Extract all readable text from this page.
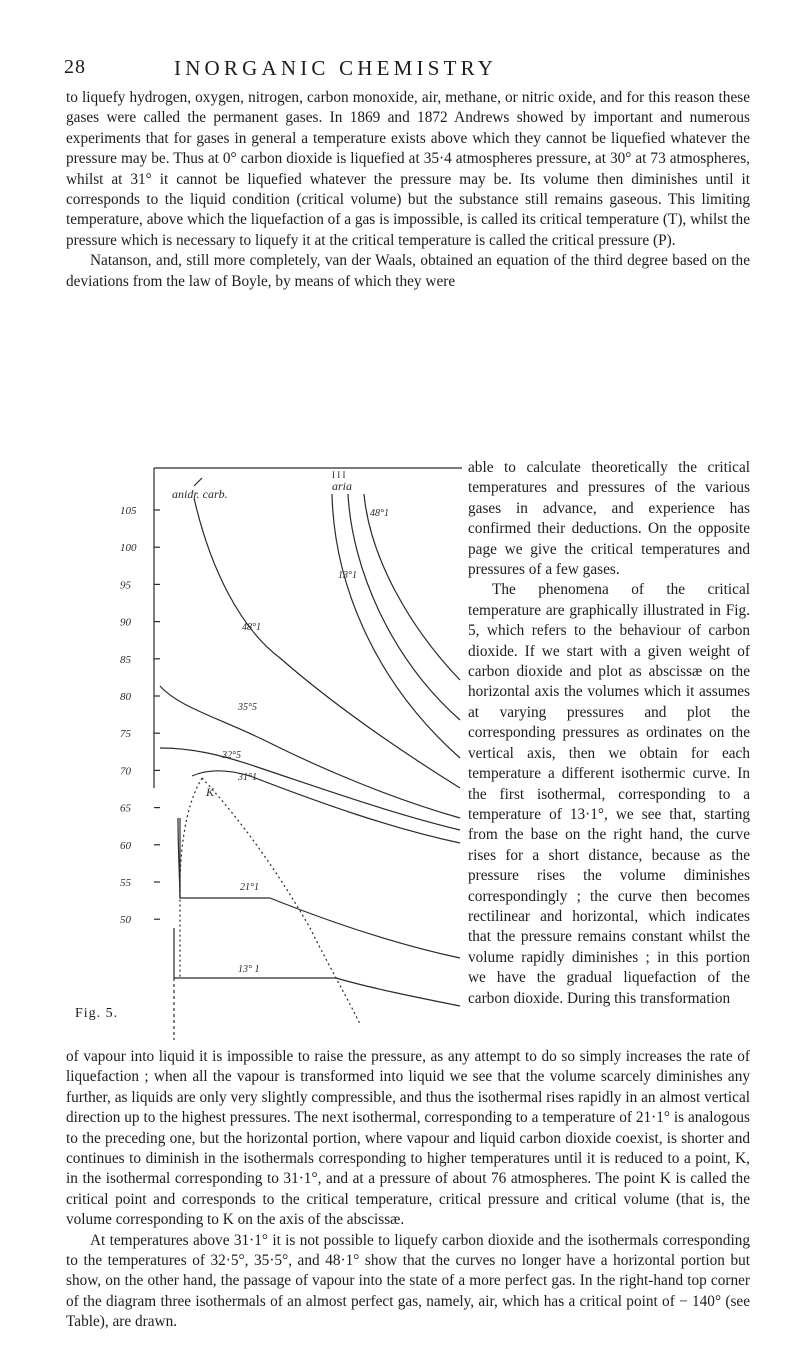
28	INORGANIC CHEMISTRY

to liquefy hydrogen, oxygen, nitrogen, carbon monoxide, air, methane, or nitric oxide, and for this reason these gases were called the permanent gases. In 1869 and 1872 Andrews showed by important and numerous experiments that for gases in general a temperature exists above which they cannot be liquefied whatever the pressure may be. Thus at 0° carbon dioxide is liquefied at 35·4 atmospheres pressure, at 30° at 73 atmospheres, whilst at 31° it cannot be liquefied whatever the pressure may be. Its volume then diminishes until it corresponds to the liquid condition (critical volume) but the substance still remains gaseous. This limiting temperature, above which the liquefaction of a gas is impossible, is called its critical temperature (T), whilst the pressure which is necessary to liquefy it at the critical temperature is called the critical pressure (P).

Natanson, and, still more completely, van der Waals, obtained an equation of the third degree based on the deviations from the law of Boyle, by means of which they were

105
100
95
90
85
80
75
70
65
60
55
50
anidr. carb.
aria
I I I
48°1
13°1
48°1
35°5
32°5
31°1
K
21°1
13° 1
Fig. 5.

able to calculate theoretically the critical temperatures and pressures of the various gases in advance, and experience has confirmed their deductions. On the opposite page we give the critical temperatures and pressures of a few gases.

The phenomena of the critical temperature are graphically illustrated in Fig. 5, which refers to the behaviour of carbon dioxide. If we start with a given weight of carbon dioxide and plot as abscissæ on the horizontal axis the volumes which it assumes at varying pressures and plot the corresponding pressures as ordinates on the vertical axis, then we obtain for each temperature a different isothermic curve. In the first isothermal, corresponding to a temperature of 13·1°, we see that, starting from the base on the right hand, the curve rises for a short distance, because as the pressure rises the volume diminishes correspondingly ; the curve then becomes rectilinear and horizontal, which indicates that the pressure remains constant whilst the volume rapidly diminishes ; in this portion we have the gradual liquefaction of the carbon dioxide. During this transformation

of vapour into liquid it is impossible to raise the pressure, as any attempt to do so simply increases the rate of liquefaction ; when all the vapour is transformed into liquid we see that the volume scarcely diminishes any further, as liquids are only very slightly compressible, and thus the isothermal rises rapidly in an almost vertical direction up to the highest pressures. The next isothermal, corresponding to a temperature of 21·1° is analogous to the preceding one, but the horizontal portion, where vapour and liquid carbon dioxide coexist, is shorter and continues to diminish in the isothermals corresponding to higher temperatures until it is reduced to a point, K, in the isothermal corresponding to 31·1°, and at a pressure of about 76 atmospheres. The point K is called the critical point and corresponds to the critical temperature, critical pressure and critical volume (that is, the volume corresponding to K on the axis of the abscissæ.

At temperatures above 31·1° it is not possible to liquefy carbon dioxide and the isothermals corresponding to the temperatures of 32·5°, 35·5°, and 48·1° show that the curves no longer have a horizontal portion but show, on the other hand, the passage of vapour into the state of a more perfect gas. In the right-hand top corner of the diagram three isothermals of an almost perfect gas, namely, air, which has a critical point of − 140° (see Table), are drawn.
